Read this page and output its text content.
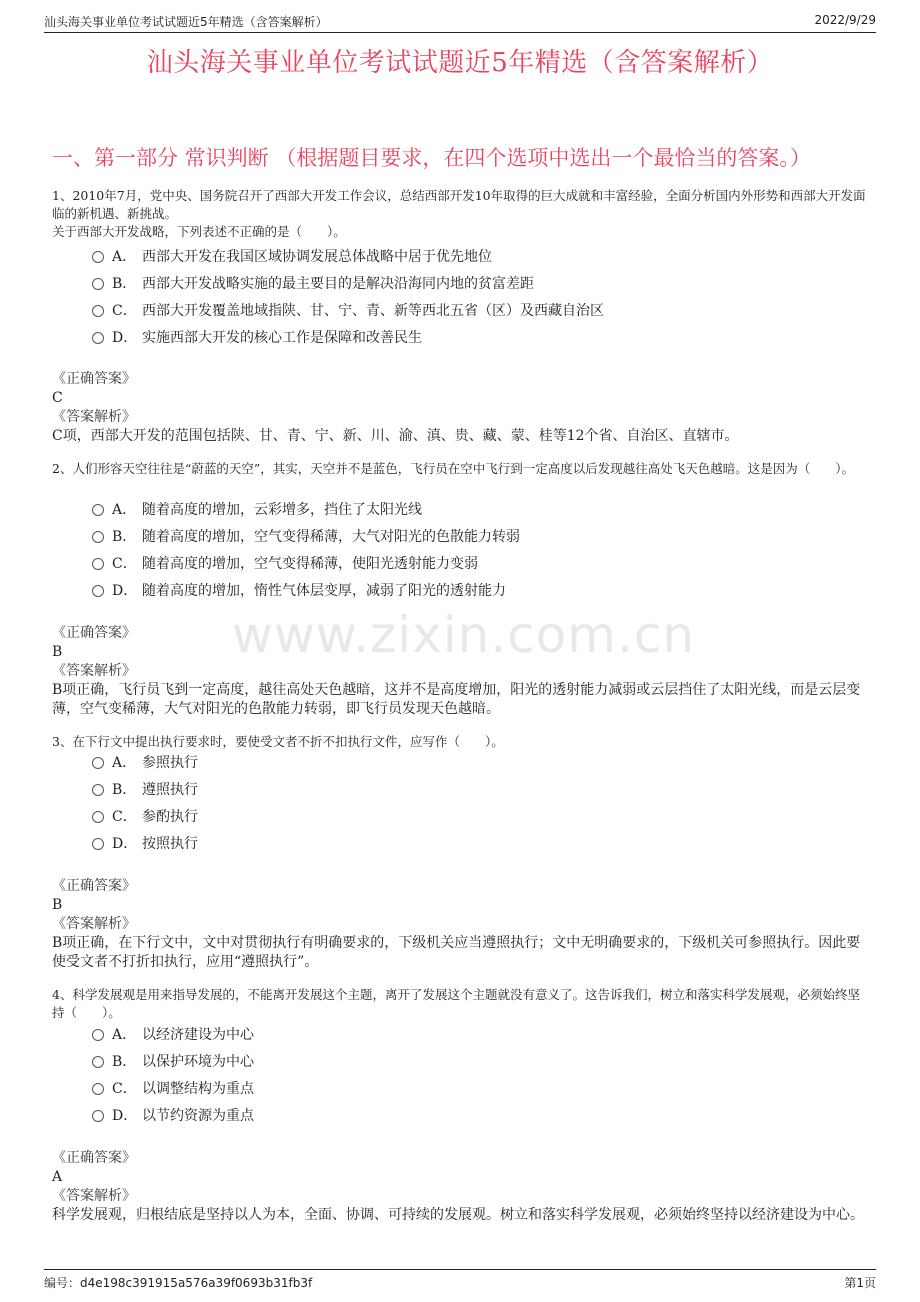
汕头海关事业单位考试试题近5年精选（含答案解析）	2022/9/29
汕头海关事业单位考试试题近5年精选（含答案解析）
一、第一部分 常识判断 （根据题目要求，在四个选项中选出一个最恰当的答案。）
www.zixin.com.cn
1、2010年7月，党中央、国务院召开了西部大开发工作会议，总结西部开发10年取得的巨大成就和丰富经验，全面分析国内外形势和西部大开发面临的新机遇、新挑战。
关于西部大开发战略，下列表述不正确的是（　　）。
A． 西部大开发在我国区域协调发展总体战略中居于优先地位
B． 西部大开发战略实施的最主要目的是解决沿海同内地的贫富差距
C． 西部大开发覆盖地域指陕、甘、宁、青、新等西北五省（区）及西藏自治区
D． 实施西部大开发的核心工作是保障和改善民生
《正确答案》
C
《答案解析》
C项，西部大开发的范围包括陕、甘、青、宁、新、川、渝、滇、贵、藏、蒙、桂等12个省、自治区、直辖市。
2、人们形容天空往往是“蔚蓝的天空”，其实，天空并不是蓝色，飞行员在空中飞行到一定高度以后发现越往高处飞天色越暗。这是因为（　　）。
A． 随着高度的增加，云彩增多，挡住了太阳光线
B． 随着高度的增加，空气变得稀薄，大气对阳光的色散能力转弱
C． 随着高度的增加，空气变得稀薄，使阳光透射能力变弱
D． 随着高度的增加，惰性气体层变厚，减弱了阳光的透射能力
《正确答案》
B
《答案解析》
B项正确，飞行员飞到一定高度，越往高处天色越暗，这并不是高度增加，阳光的透射能力减弱或云层挡住了太阳光线，而是云层变薄，空气变稀薄，大气对阳光的色散能力转弱，即飞行员发现天色越暗。
3、在下行文中提出执行要求时，要使受文者不折不扣执行文件，应写作（　　）。
A． 参照执行
B． 遵照执行
C． 参酌执行
D． 按照执行
《正确答案》
B
《答案解析》
B项正确，在下行文中，文中对贯彻执行有明确要求的，下级机关应当遵照执行；文中无明确要求的，下级机关可参照执行。因此要使受文者不打折扣执行，应用“遵照执行”。
4、科学发展观是用来指导发展的，不能离开发展这个主题，离开了发展这个主题就没有意义了。这告诉我们，树立和落实科学发展观，必须始终坚持（　　）。
A． 以经济建设为中心
B． 以保护环境为中心
C． 以调整结构为重点
D． 以节约资源为重点
《正确答案》
A
《答案解析》
科学发展观，归根结底是坚持以人为本，全面、协调、可持续的发展观。树立和落实科学发展观，必须始终坚持以经济建设为中心。
编号：d4e198c391915a576a39f0693b31fb3f	第1页
